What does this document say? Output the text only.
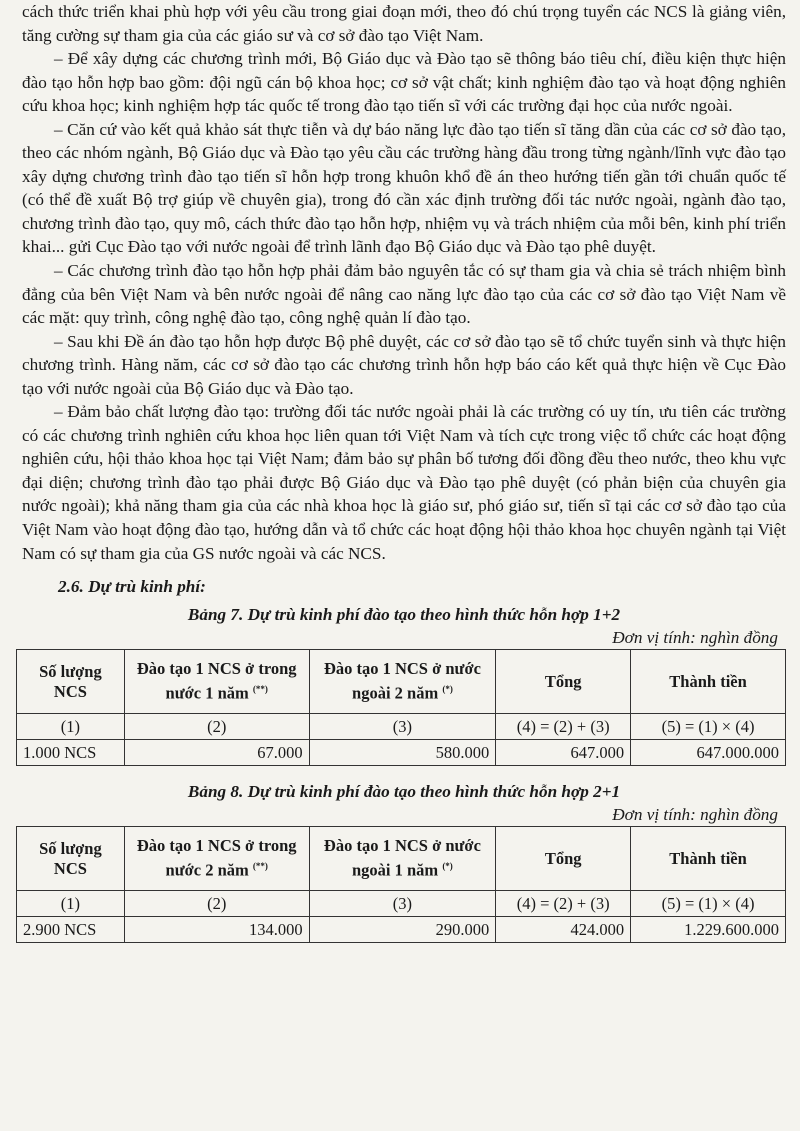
cách thức triển khai phù hợp với yêu cầu trong giai đoạn mới, theo đó chú trọng tuyển các NCS là giảng viên, tăng cường sự tham gia của các giáo sư và cơ sở đào tạo Việt Nam.

– Để xây dựng các chương trình mới, Bộ Giáo dục và Đào tạo sẽ thông báo tiêu chí, điều kiện thực hiện đào tạo hỗn hợp bao gồm: đội ngũ cán bộ khoa học; cơ sở vật chất; kinh nghiệm đào tạo và hoạt động nghiên cứu khoa học; kinh nghiệm hợp tác quốc tế trong đào tạo tiến sĩ với các trường đại học của nước ngoài.

– Căn cứ vào kết quả khảo sát thực tiễn và dự báo năng lực đào tạo tiến sĩ tăng dần của các cơ sở đào tạo, theo các nhóm ngành, Bộ Giáo dục và Đào tạo yêu cầu các trường hàng đầu trong từng ngành/lĩnh vực đào tạo xây dựng chương trình đào tạo tiến sĩ hỗn hợp trong khuôn khổ đề án theo hướng tiến gần tới chuẩn quốc tế (có thể đề xuất Bộ trợ giúp về chuyên gia), trong đó cần xác định trường đối tác nước ngoài, ngành đào tạo, chương trình đào tạo, quy mô, cách thức đào tạo hỗn hợp, nhiệm vụ và trách nhiệm của mỗi bên, kinh phí triển khai... gửi Cục Đào tạo với nước ngoài để trình lãnh đạo Bộ Giáo dục và Đào tạo phê duyệt.

– Các chương trình đào tạo hỗn hợp phải đảm bảo nguyên tắc có sự tham gia và chia sẻ trách nhiệm bình đẳng của bên Việt Nam và bên nước ngoài để nâng cao năng lực đào tạo của các cơ sở đào tạo Việt Nam về các mặt: quy trình, công nghệ đào tạo, công nghệ quản lí đào tạo.

– Sau khi Đề án đào tạo hỗn hợp được Bộ phê duyệt, các cơ sở đào tạo sẽ tổ chức tuyển sinh và thực hiện chương trình. Hàng năm, các cơ sở đào tạo các chương trình hỗn hợp báo cáo kết quả thực hiện về Cục Đào tạo với nước ngoài của Bộ Giáo dục và Đào tạo.

– Đảm bảo chất lượng đào tạo: trường đối tác nước ngoài phải là các trường có uy tín, ưu tiên các trường có các chương trình nghiên cứu khoa học liên quan tới Việt Nam và tích cực trong việc tổ chức các hoạt động nghiên cứu, hội thảo khoa học tại Việt Nam; đảm bảo sự phân bố tương đối đồng đều theo nước, theo khu vực đại diện; chương trình đào tạo phải được Bộ Giáo dục và Đào tạo phê duyệt (có phản biện của chuyên gia nước ngoài); khả năng tham gia của các nhà khoa học là giáo sư, phó giáo sư, tiến sĩ tại các cơ sở đào tạo của Việt Nam vào hoạt động đào tạo, hướng dẫn và tổ chức các hoạt động hội thảo khoa học chuyên ngành tại Việt Nam có sự tham gia của GS nước ngoài và các NCS.

2.6. Dự trù kinh phí:
Bảng 7. Dự trù kinh phí đào tạo theo hình thức hỗn hợp 1+2
Đơn vị tính: nghìn đồng
Số lượng NCS	Đào tạo 1 NCS ở trong nước 1 năm (**)	Đào tạo 1 NCS ở nước ngoài 2 năm (*)	Tổng	Thành tiền
(1)	(2)	(3)	(4) = (2) + (3)	(5) = (1) × (4)
1.000 NCS	67.000	580.000	647.000	647.000.000
Bảng 8. Dự trù kinh phí đào tạo theo hình thức hỗn hợp 2+1
Đơn vị tính: nghìn đồng
Số lượng NCS	Đào tạo 1 NCS ở trong nước 2 năm (**)	Đào tạo 1 NCS ở nước ngoài 1 năm (*)	Tổng	Thành tiền
(1)	(2)	(3)	(4) = (2) + (3)	(5) = (1) × (4)
2.900 NCS	134.000	290.000	424.000	1.229.600.000
